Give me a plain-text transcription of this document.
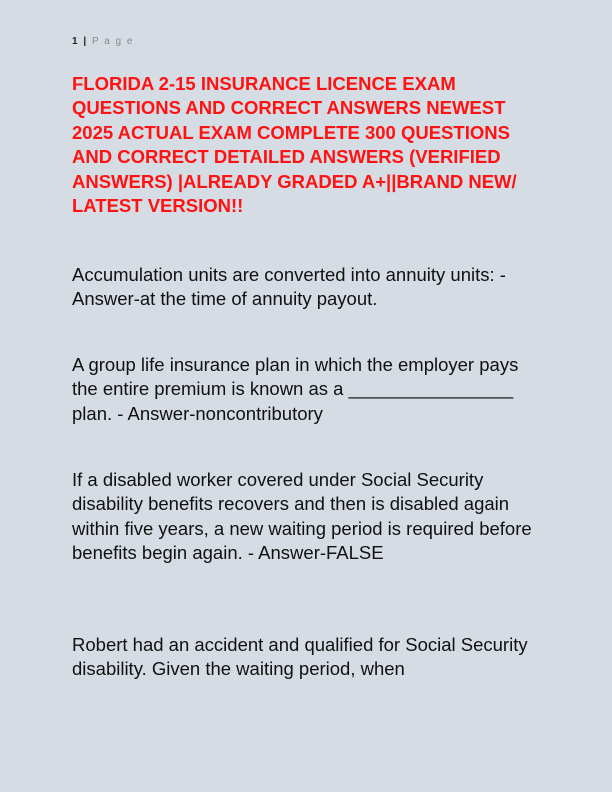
1 | P a g e
FLORIDA 2-15 INSURANCE LICENCE EXAM QUESTIONS AND CORRECT ANSWERS NEWEST 2025 ACTUAL EXAM COMPLETE 300 QUESTIONS AND CORRECT DETAILED ANSWERS (VERIFIED ANSWERS) |ALREADY GRADED A+||BRAND NEW/ LATEST VERSION!!

Accumulation units are converted into annuity units: - Answer-at the time of annuity payout.

A group life insurance plan in which the employer pays the entire premium is known as a ________________ plan. - Answer-noncontributory

If a disabled worker covered under Social Security disability benefits recovers and then is disabled again within five years, a new waiting period is required before benefits begin again. - Answer-FALSE

Robert had an accident and qualified for Social Security disability. Given the waiting period, when
